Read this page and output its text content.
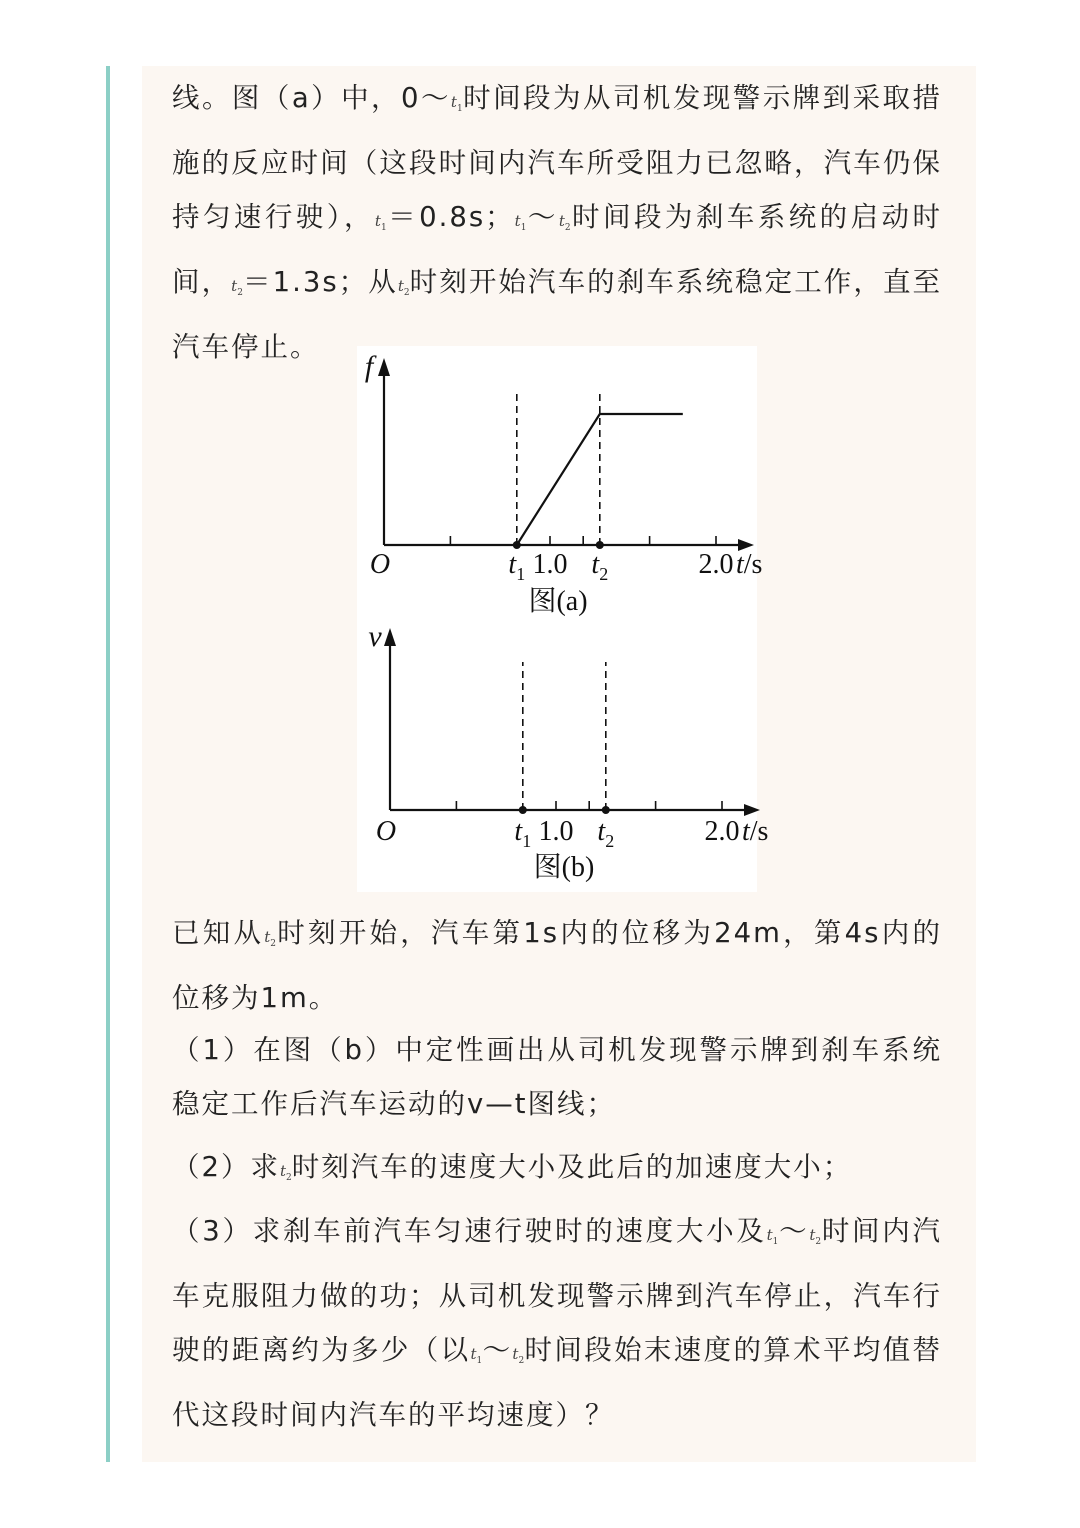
线。图（a）中，$0\sim t_1$时间段为从司机发现警示牌到采取措施的反应时间（这段时间内汽车所受阻力已忽略，汽车仍保持匀速行驶），$t_1=0.8s$；$t_1\sim t_2$时间段为刹车系统的启动时间，$t_2=1.3s$；从$t_2$时刻开始汽车的刹车系统稳定工作，直至汽车停止。

f
O	$t_1$ 1.0 $t_2$	2.0 t/s
图(a)
v
O	$t_1$ 1.0 $t_2$	2.0 t/s
图(b)

已知从$t_2$时刻开始，汽车第1s内的位移为24m，第4s内的位移为1m。

（1）在图（b）中定性画出从司机发现警示牌到刹车系统稳定工作后汽车运动的v—t图线；

（2）求$t_2$时刻汽车的速度大小及此后的加速度大小；

（3）求刹车前汽车匀速行驶时的速度大小及$t_1\sim t_2$时间内汽车克服阻力做的功；从司机发现警示牌到汽车停止，汽车行驶的距离约为多少（以$t_1\sim t_2$时间段始末速度的算术平均值替代这段时间内汽车的平均速度）？
